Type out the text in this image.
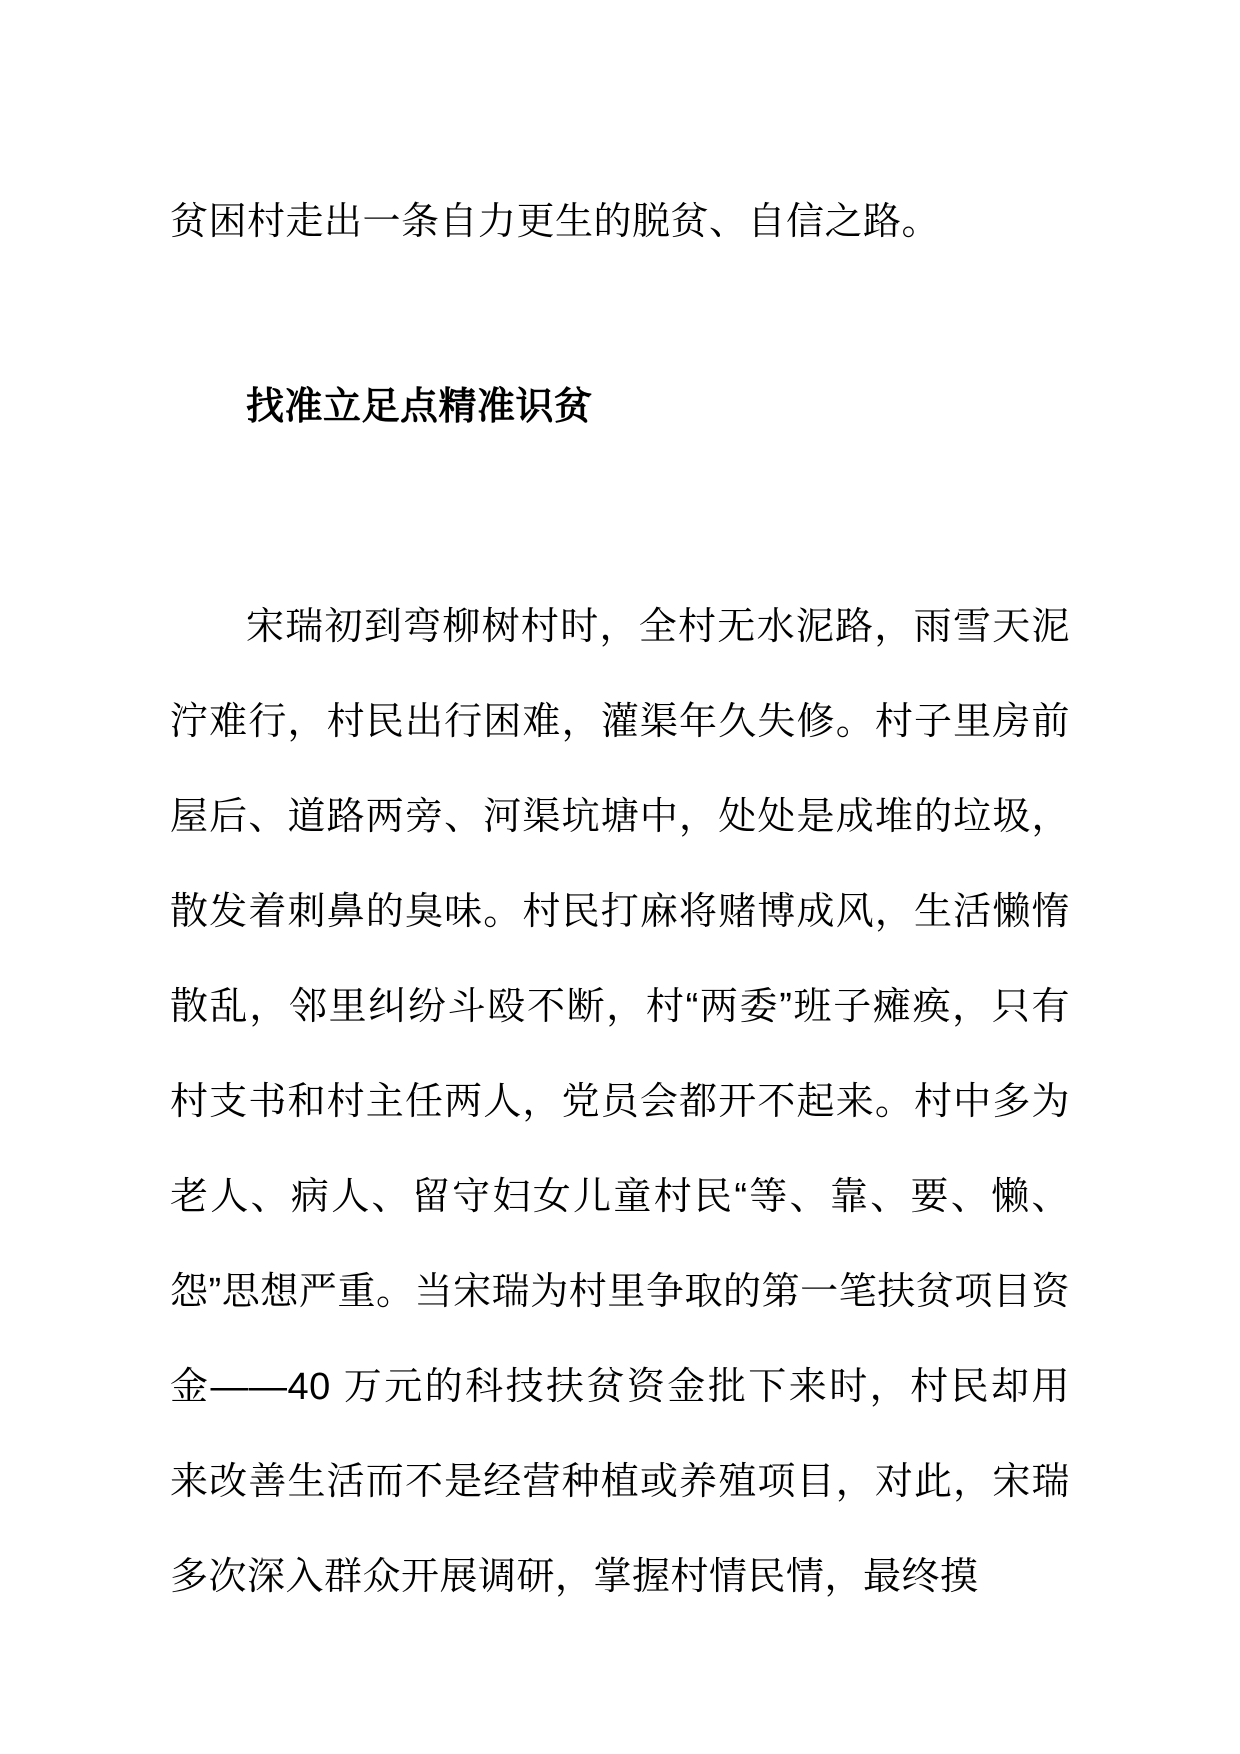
贫困村走出一条自力更生的脱贫、自信之路。

找准立足点精准识贫

宋瑞初到弯柳树村时，全村无水泥路，雨雪天泥泞难行，村民出行困难，灌渠年久失修。村子里房前屋后、道路两旁、河渠坑塘中，处处是成堆的垃圾，散发着刺鼻的臭味。村民打麻将赌博成风，生活懒惰散乱，邻里纠纷斗殴不断，村“两委”班子瘫痪，只有村支书和村主任两人，党员会都开不起来。村中多为老人、病人、留守妇女儿童村民“等、靠、要、懒、怨”思想严重。当宋瑞为村里争取的第一笔扶贫项目资金——40 万元的科技扶贫资金批下来时，村民却用来改善生活而不是经营种植或养殖项目，对此，宋瑞多次深入群众开展调研，掌握村情民情，最终摸
